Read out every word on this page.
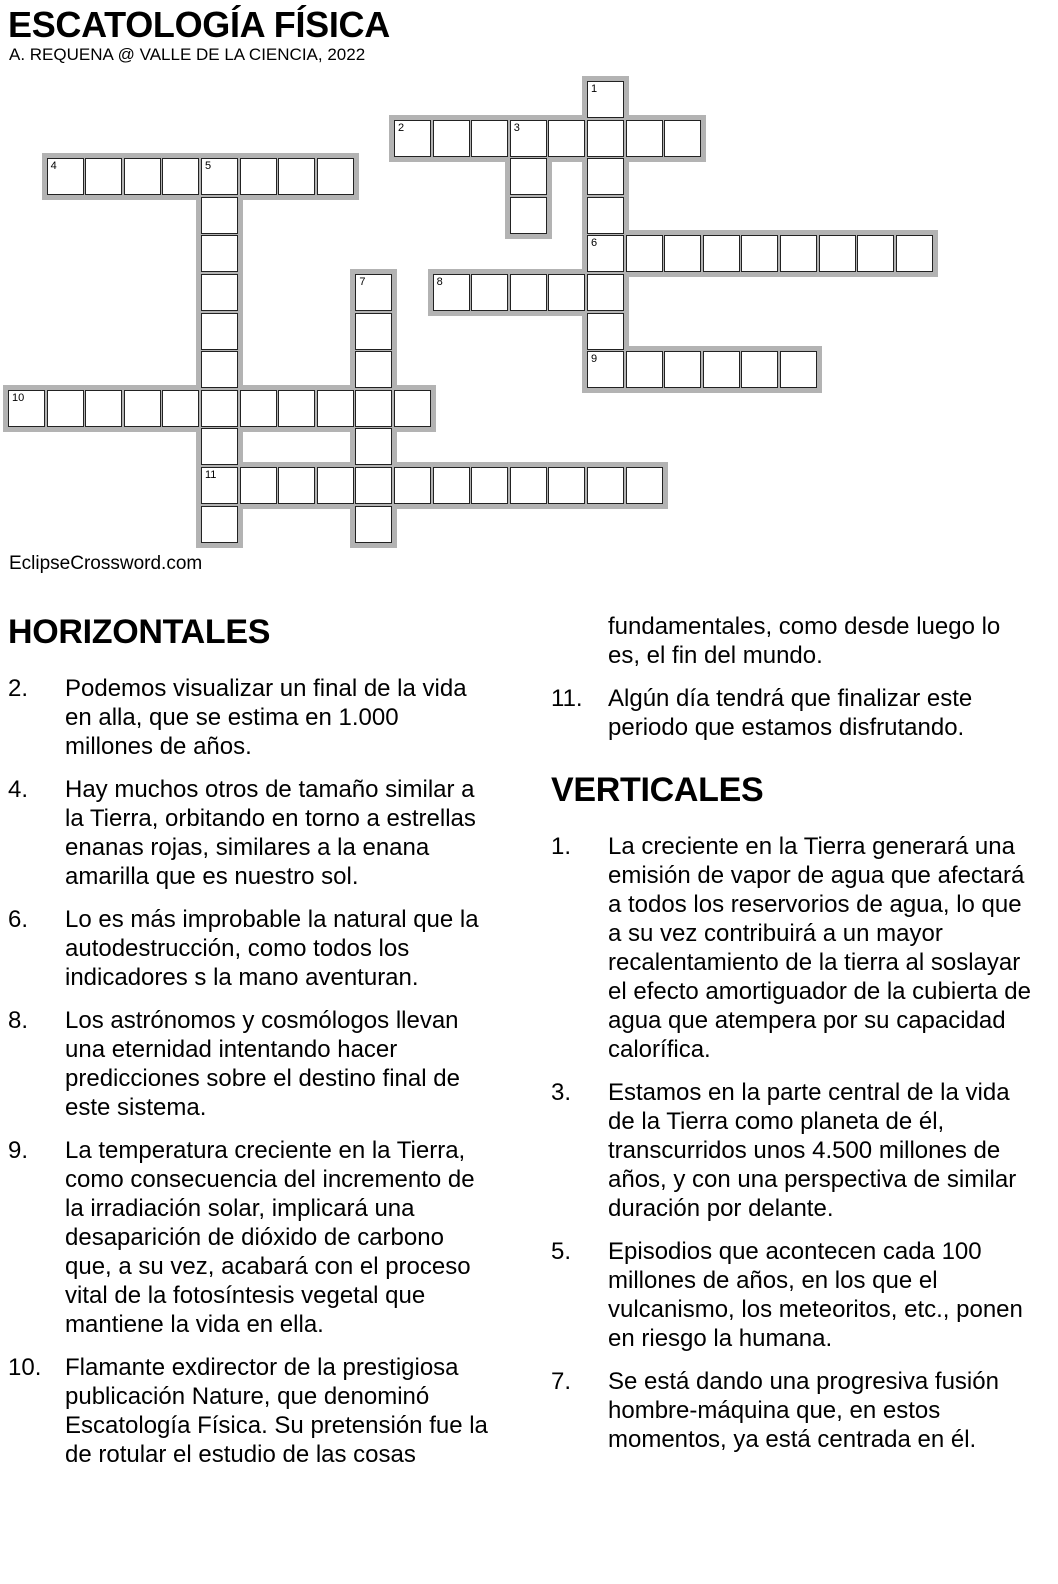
ESCATOLOGÍA FÍSICA
A. REQUENA @ VALLE DE LA CIENCIA, 2022
1
6
9
2	3
4	5
11
7	8
10
EclipseCrossword.com
HORIZONTALES
2.	Podemos visualizar un final de la vida en alla, que se estima en 1.000 millones de años.
4.	Hay muchos otros de tamaño similar a la Tierra, orbitando en torno a estrellas enanas rojas, similares a la enana amarilla que es nuestro sol.
6.	Lo es más improbable la natural que la autodestrucción, como todos los indicadores s la mano aventuran.
8.	Los astrónomos y cosmólogos llevan una eternidad intentando hacer predicciones sobre el destino final de este sistema.
9.	La temperatura creciente en la Tierra, como consecuencia del incremento de la irradiación solar, implicará una desaparición de dióxido de carbono que, a su vez, acabará con el proceso vital de la fotosíntesis vegetal que mantiene la vida en ella.
10. Flamante exdirector de la prestigiosa publicación Nature, que denominó Escatología Física. Su pretensión fue la de rotular el estudio de las cosas
fundamentales, como desde luego lo es, el fin del mundo.
11.	Algún día tendrá que finalizar este periodo que estamos disfrutando.
VERTICALES
1.	La creciente en la Tierra generará una emisión de vapor de agua que afectará a todos los reservorios de agua, lo que a su vez contribuirá a un mayor recalentamiento de la tierra al soslayar el efecto amortiguador de la cubierta de agua que atempera por su capacidad calorífica.
3.	Estamos en la parte central de la vida de la Tierra como planeta de él, transcurridos unos 4.500 millones de años, y con una perspectiva de similar duración por delante.
5.	Episodios que acontecen cada 100 millones de años, en los que el vulcanismo, los meteoritos, etc., ponen en riesgo la humana.
7.	Se está dando una progresiva fusión hombre-máquina que, en estos momentos, ya está centrada en él.
